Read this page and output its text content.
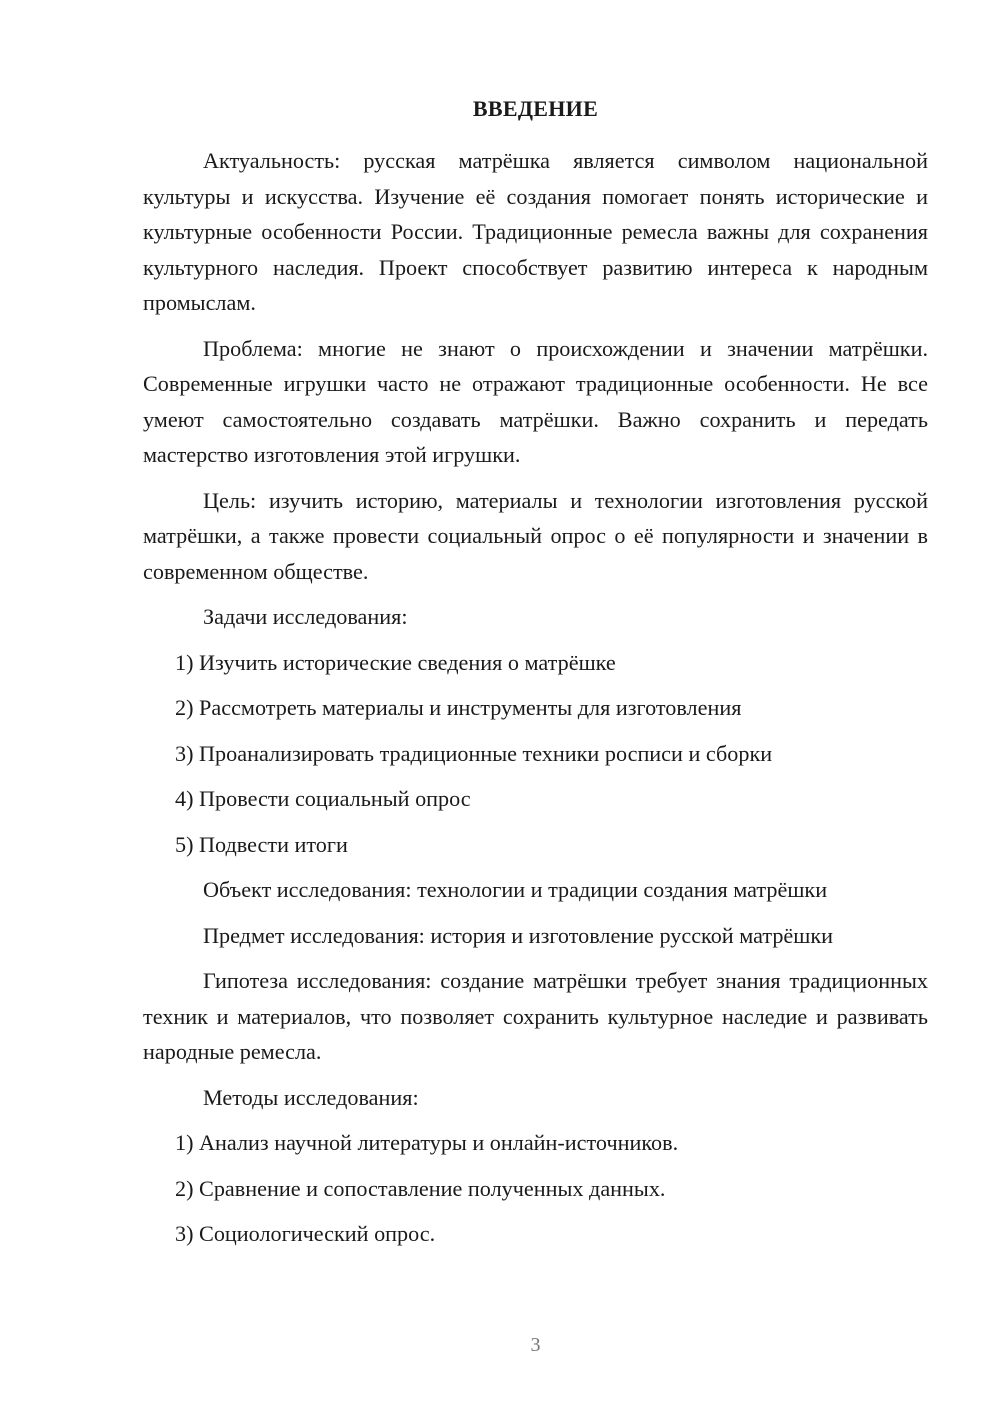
ВВЕДЕНИЕ

Актуальность: русская матрёшка является символом национальной культуры и искусства. Изучение её создания помогает понять исторические и культурные особенности России. Традиционные ремесла важны для сохранения культурного наследия. Проект способствует развитию интереса к народным промыслам.

Проблема: многие не знают о происхождении и значении матрёшки. Современные игрушки часто не отражают традиционные особенности. Не все умеют самостоятельно создавать матрёшки. Важно сохранить и передать мастерство изготовления этой игрушки.

Цель: изучить историю, материалы и технологии изготовления русской матрёшки, а также провести социальный опрос о её популярности и значении в современном обществе.

Задачи исследования:

1) Изучить исторические сведения о матрёшке

2) Рассмотреть материалы и инструменты для изготовления

3) Проанализировать традиционные техники росписи и сборки

4) Провести социальный опрос

5) Подвести итоги

Объект исследования: технологии и традиции создания матрёшки

Предмет исследования: история и изготовление русской матрёшки

Гипотеза исследования: создание матрёшки требует знания традиционных техник и материалов, что позволяет сохранить культурное наследие и развивать народные ремесла.

Методы исследования:

1) Анализ научной литературы и онлайн-источников.

2) Сравнение и сопоставление полученных данных.

3) Социологический опрос.

3
